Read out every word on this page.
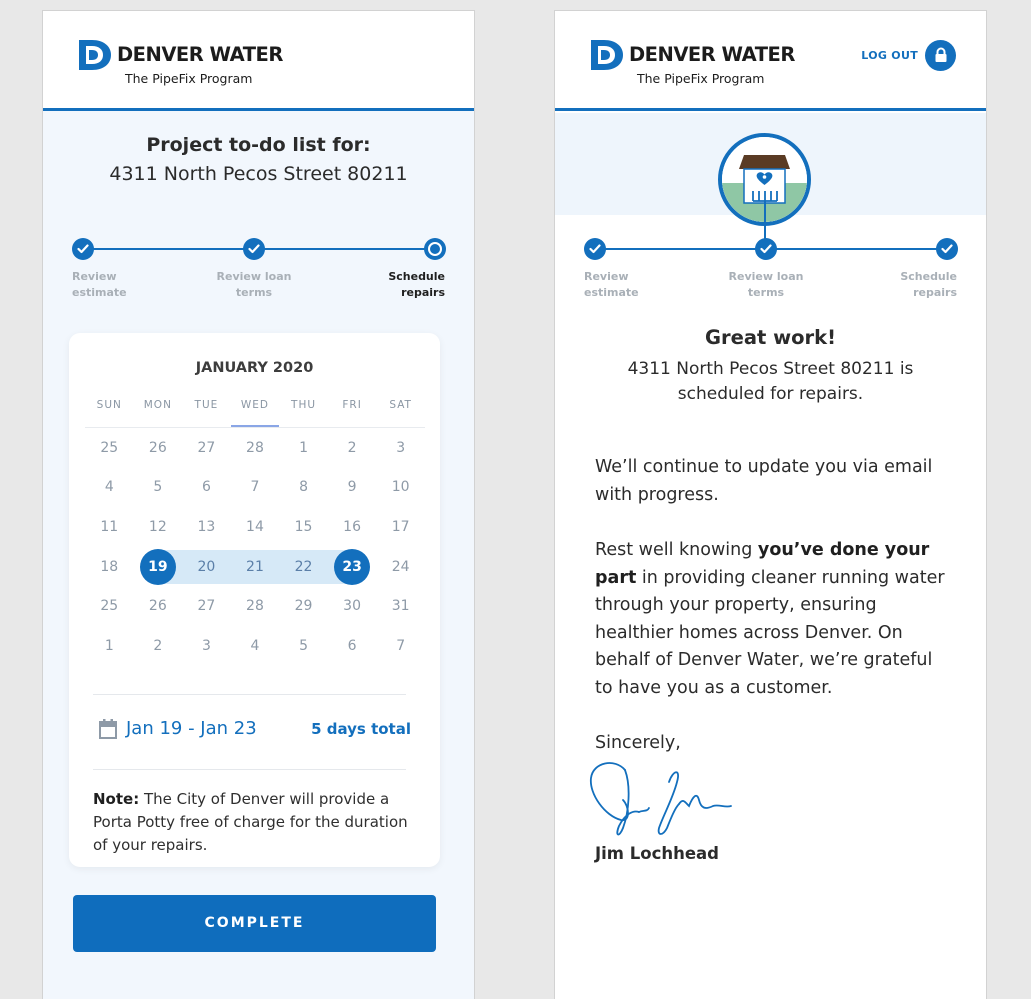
DENVER WATER
The PipeFix Program
Project to-do list for:
4311 North Pecos Street 80211
Review
estimate
Review loan
terms
Schedule
repairs
JANUARY 2020
SUN	MON	TUE	WED	THU	FRI	SAT
25	26	27	28	1	2	3
4	5	6	7	8	9	10
11	12	13	14	15	16	17
18	19	20	21	22	23	24
25	26	27	28	29	30	31
1	2	3	4	5	6	7
Jan 19 - Jan 23	5 days total
Note: The City of Denver will provide a Porta Potty free of charge for the duration of your repairs.
COMPLETE
DENVER WATER
The PipeFix Program
LOG OUT
Review
estimate
Review loan
terms
Schedule
repairs
Great work!
4311 North Pecos Street 80211 is
scheduled for repairs.
We’ll continue to update you via email with progress.
Rest well knowing you’ve done your part in providing cleaner running water through your property, ensuring healthier homes across Denver. On behalf of Denver Water, we’re grateful to have you as a customer.
Sincerely,
Jim Lochhead
